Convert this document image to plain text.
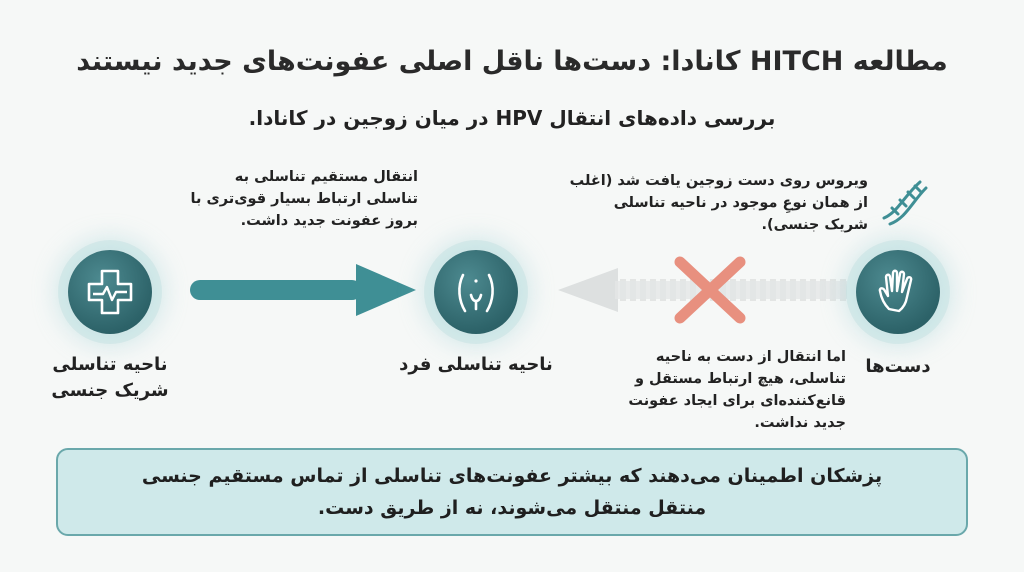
مطالعه HITCH کانادا: دست‌ها ناقل اصلی عفونت‌های جدید نیستند
بررسی داده‌های انتقال HPV در میان زوجین در کانادا.
ناحیه تناسلی شریک جنسی
ناحیه تناسلی فرد	دست‌ها
انتقال مستقیم تناسلی به تناسلی ارتباط بسیار قوی‌تری با بروز عفونت جدید داشت.
ویروس روی دست زوجین یافت شد (اغلب از همان نوعِ موجود در ناحیه تناسلی شریک جنسی).
اما انتقال از دست به ناحیه تناسلی، هیچ ارتباط مستقل و قانع‌کننده‌ای برای ایجاد عفونت جدید نداشت.
پزشکان اطمینان می‌دهند که بیشتر عفونت‌های تناسلی از تماس مستقیم جنسی منتقل منتقل می‌شوند، نه از طریق دست.
